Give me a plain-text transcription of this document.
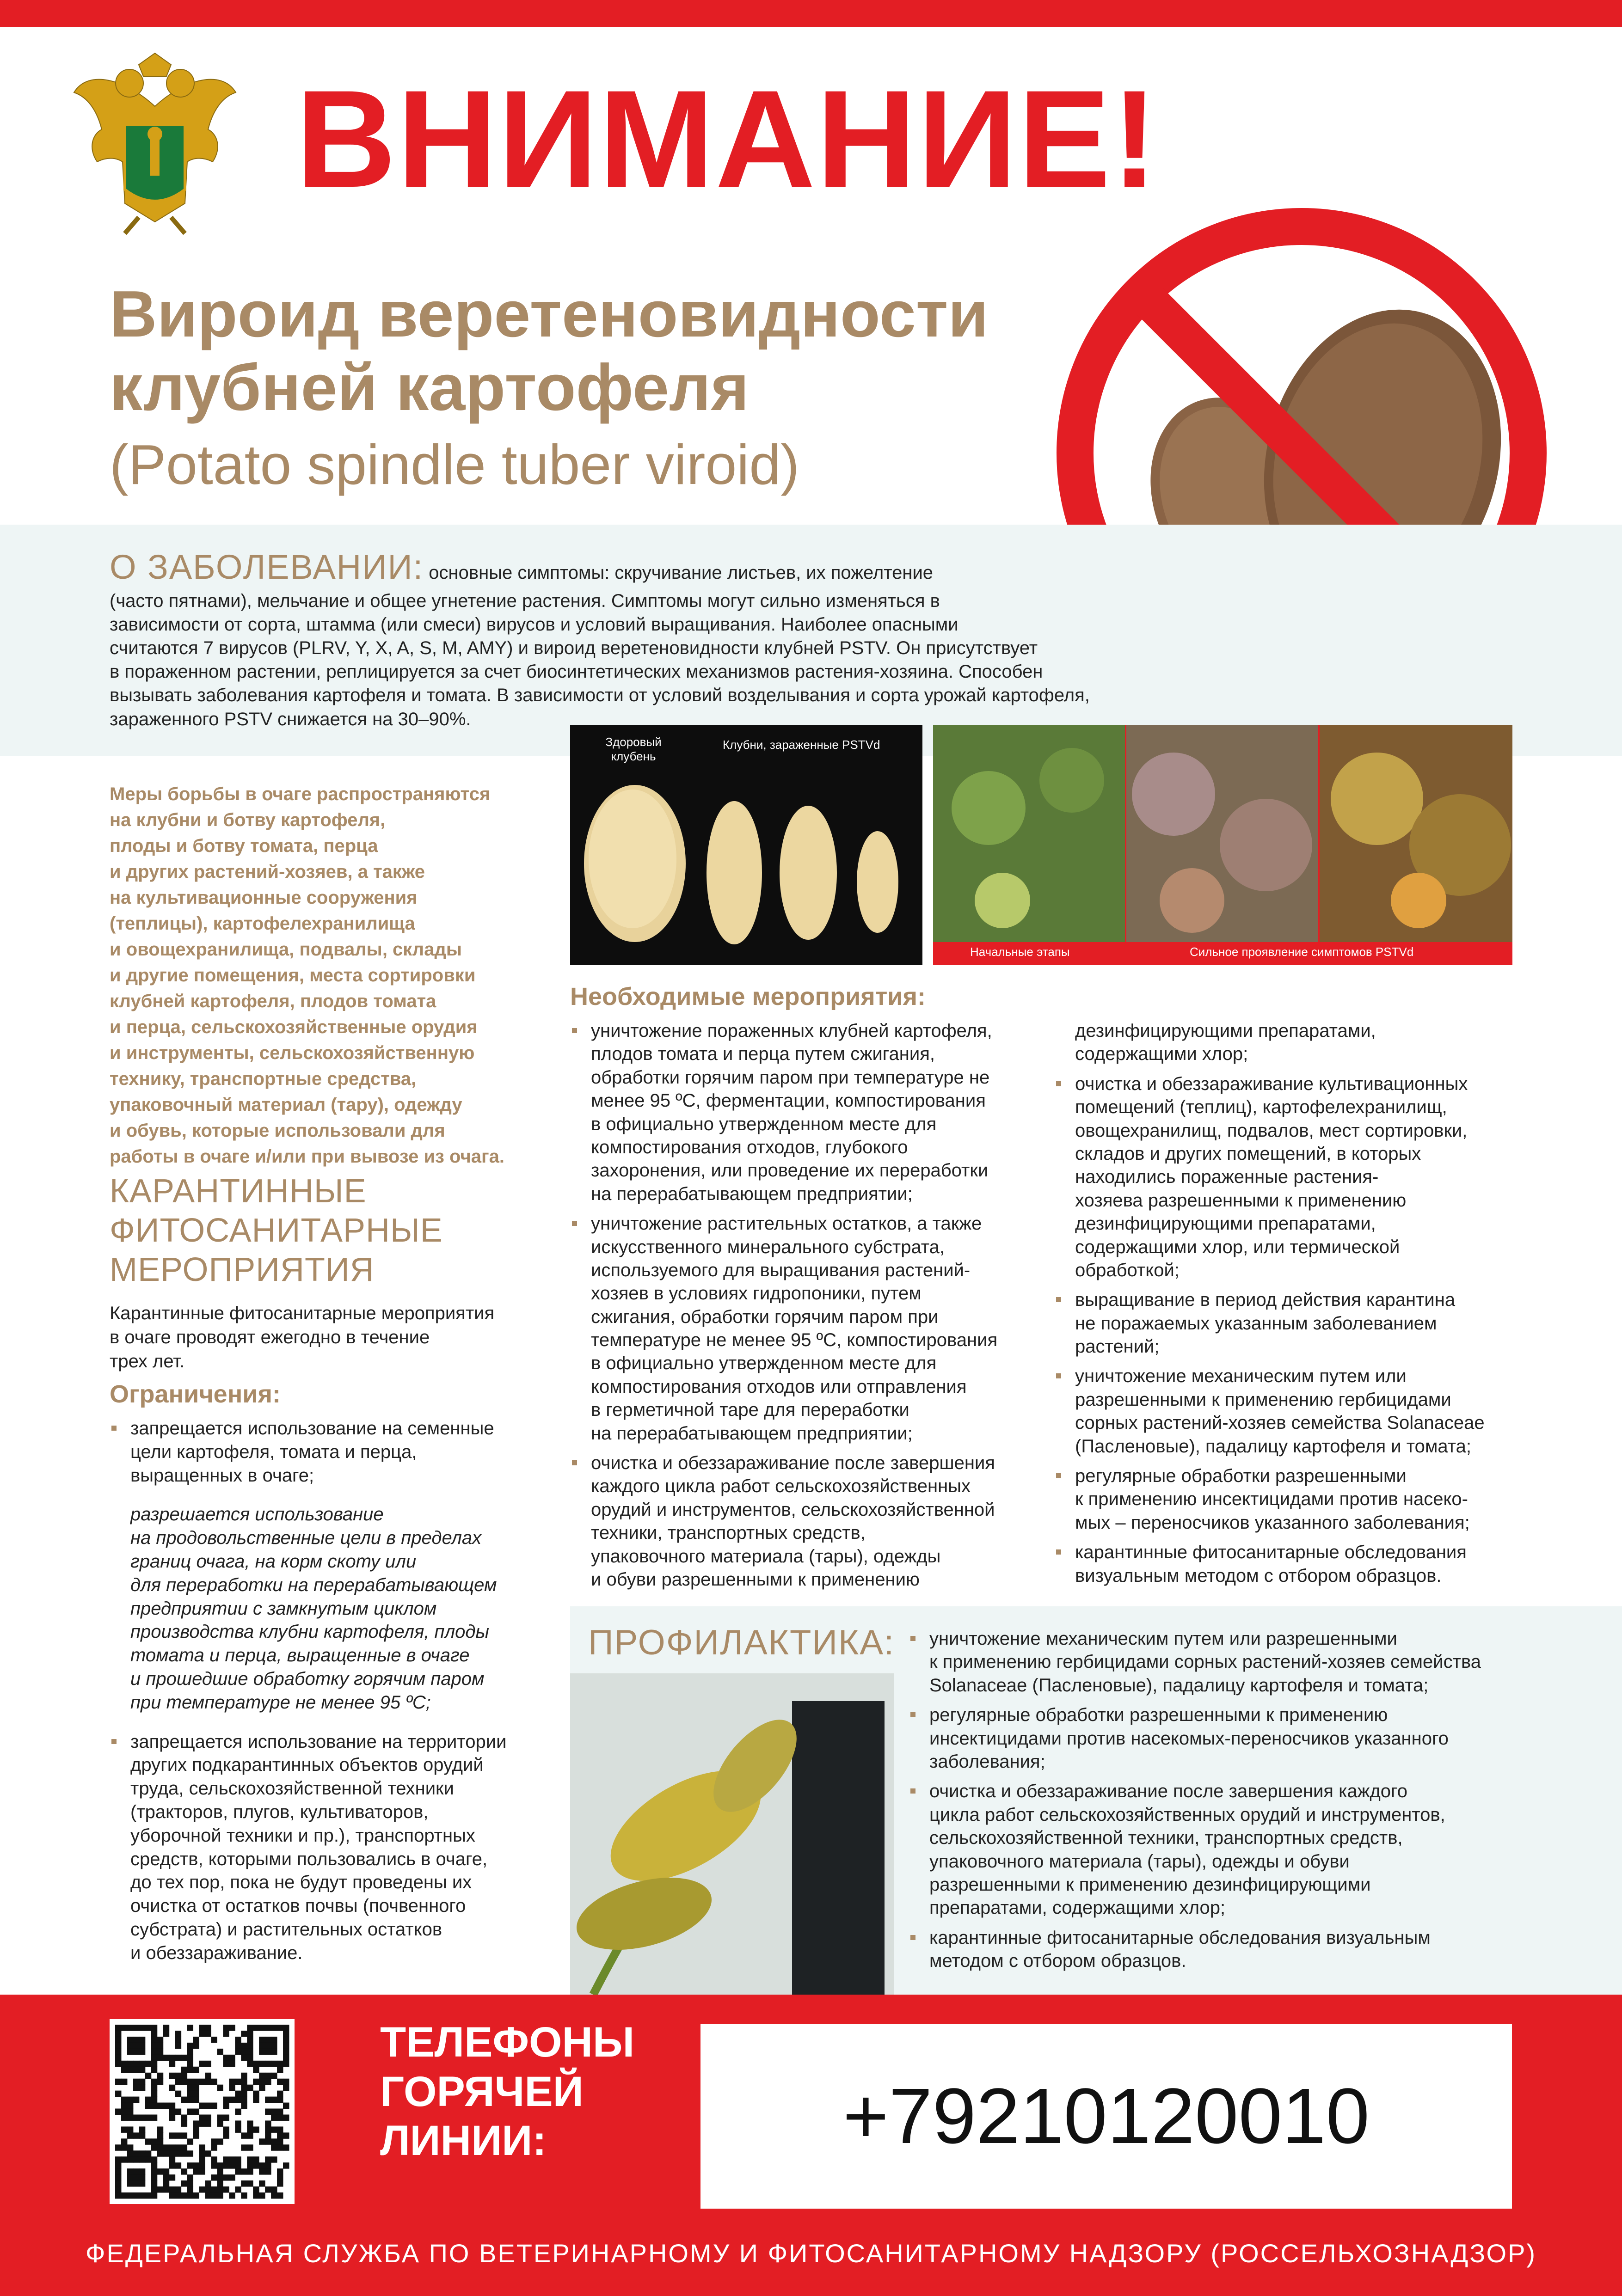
ВНИМАНИЕ!
Вироид веретеновидности
клубней картофеля
(Potato spindle tuber viroid)
О ЗАБОЛЕВАНИИ: основные симптомы: скручивание листьев, их пожелтение
(часто пятнами), мельчание и общее угнетение растения. Симптомы могут сильно изменяться в
зависимости от сорта, штамма (или смеси) вирусов и условий выращивания. Наиболее опасными
считаются 7 вирусов (PLRV, Y, X, A, S, M, AMY) и вироид веретеновидности клубней PSTV. Он присутствует
в пораженном растении, реплицируется за счет биосинтетических механизмов растения-хозяина. Способен
вызывать заболевания картофеля и томата. В зависимости от условий возделывания и сорта урожай картофеля,
зараженного PSTV снижается на 30–90%.
Здоровый
клубень
Клубни, зараженные PSTVd
Начальные этапы	Сильное проявление симптомов PSTVd
Меры борьбы в очаге распространяются
на клубни и ботву картофеля,
плоды и ботву томата, перца
и других растений-хозяев, а также
на культивационные сооружения
(теплицы), картофелехранилища
и овощехранилища, подвалы, склады
и другие помещения, места сортировки
клубней картофеля, плодов томата
и перца, сельскохозяйственные орудия
и инструменты, сельскохозяйственную
технику, транспортные средства,
упаковочный материал (тару), одежду
и обувь, которые использовали для
работы в очаге и/или при вывозе из очага.
КАРАНТИННЫЕ
ФИТОСАНИТАРНЫЕ
МЕРОПРИЯТИЯ
Карантинные фитосанитарные мероприятия
в очаге проводят ежегодно в течение
трех лет.
Ограничения:
запрещается использование на семенные
цели картофеля, томата и перца,
выращенных в очаге;
разрешается использование
на продовольственные цели в пределах
границ очага, на корм скоту или
для переработки на перерабатывающем
предприятии с замкнутым циклом
производства клубни картофеля, плоды
томата и перца, выращенные в очаге
и прошедшие обработку горячим паром
при температуре не менее 95 ºС;
запрещается использование на территории
других подкарантинных объектов орудий
труда, сельскохозяйственной техники
(тракторов, плугов, культиваторов,
уборочной техники и пр.), транспортных
средств, которыми пользовались в очаге,
до тех пор, пока не будут проведены их
очистка от остатков почвы (почвенного
субстрата) и растительных остатков
и обеззараживание.
Необходимые мероприятия:
уничтожение пораженных клубней картофеля,
плодов томата и перца путем сжигания,
обработки горячим паром при температуре не
менее 95 ºС, ферментации, компостирования
в официально утвержденном месте для
компостирования отходов, глубокого
захоронения, или проведение их переработки
на перерабатывающем предприятии;
уничтожение растительных остатков, а также
искусственного минерального субстрата,
используемого для выращивания растений-
хозяев в условиях гидропоники, путем
сжигания, обработки горячим паром при
температуре не менее 95 ºС, компостирования
в официально утвержденном месте для
компостирования отходов или отправления
в герметичной таре для переработки
на перерабатывающем предприятии;
очистка и обеззараживание после завершения
каждого цикла работ сельскохозяйственных
орудий и инструментов, сельскохозяйственной
техники, транспортных средств,
упаковочного материала (тары), одежды
и обуви разрешенными к применению
дезинфицирующими препаратами,
содержащими хлор;
очистка и обеззараживание культивационных
помещений (теплиц), картофелехранилищ,
овощехранилищ, подвалов, мест сортировки,
складов и других помещений, в которых
находились пораженные растения-
хозяева разрешенными к применению
дезинфицирующими препаратами,
содержащими хлор, или термической
обработкой;
выращивание в период действия карантина
не поражаемых указанным заболеванием
растений;
уничтожение механическим путем или
разрешенными к применению гербицидами
сорных растений-хозяев семейства Solanaceae
(Пасленовые), падалицу картофеля и томата;
регулярные обработки разрешенными
к применению инсектицидами против насеко-
мых – переносчиков указанного заболевания;
карантинные фитосанитарные обследования
визуальным методом с отбором образцов.
ПРОФИЛАКТИКА: уничтожение механическим путем или разрешенными
к применению гербицидами сорных растений-хозяев семейства
Solanaceae (Пасленовые), падалицу картофеля и томата;
регулярные обработки разрешенными к применению
инсектицидами против насекомых-переносчиков указанного
заболевания;
очистка и обеззараживание после завершения каждого
цикла работ сельскохозяйственных орудий и инструментов,
сельскохозяйственной техники, транспортных средств,
упаковочного материала (тары), одежды и обуви
разрешенными к применению дезинфицирующими
препаратами, содержащими хлор;
карантинные фитосанитарные обследования визуальным
методом с отбором образцов.
ТЕЛЕФОНЫ
ГОРЯЧЕЙ
ЛИНИИ:	+79210120010
ФЕДЕРАЛЬНАЯ СЛУЖБА ПО ВЕТЕРИНАРНОМУ И ФИТОСАНИТАРНОМУ НАДЗОРУ (РОССЕЛЬХОЗНАДЗОР)
